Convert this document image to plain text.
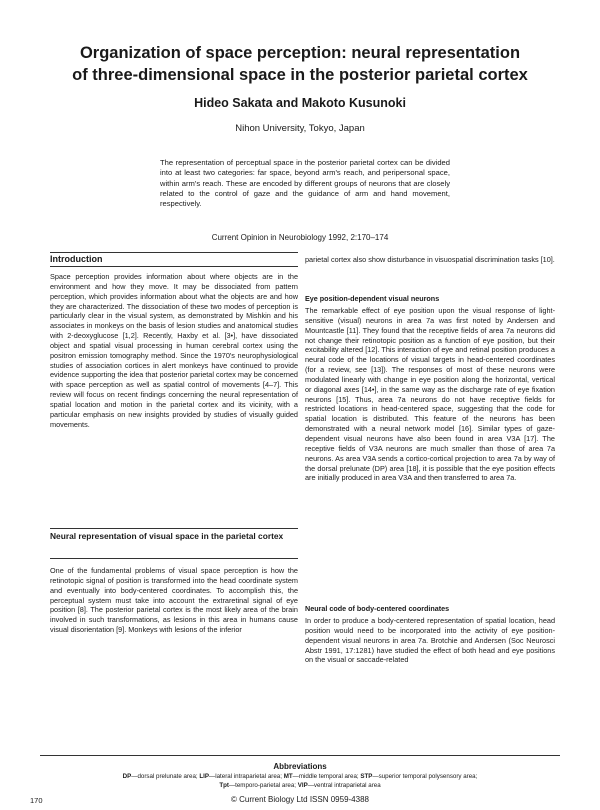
Organization of space perception: neural representation
of three-dimensional space in the posterior parietal cortex
Hideo Sakata and Makoto Kusunoki
Nihon University, Tokyo, Japan
The representation of perceptual space in the posterior parietal cortex can be divided into at least two categories: far space, beyond arm's reach, and peripersonal space, within arm's reach. These are encoded by different groups of neurons that are closely related to the control of gaze and the guidance of arm and hand movement, respectively.
Current Opinion in Neurobiology 1992, 2:170–174
Introduction

Space perception provides information about where objects are in the environment and how they move. It may be dissociated from pattern perception, which provides information about what the objects are and how they are characterized. The dissociation of these two modes of perception is particularly clear in the visual system, as demonstrated by Mishkin and his associates in monkeys on the basis of lesion studies and anatomical studies with 2-deoxyglucose [1,2]. Recently, Haxby et al. [3•], have dissociated object and spatial visual processing in human cerebral cortex using the positron emission tomography method. Since the 1970's neurophysiological studies of association cortices in alert monkeys have continued to provide evidence supporting the idea that posterior parietal cortex may be concerned with space perception as well as spatial control of movements [4–7]. This review will focus on recent findings concerning the neural representation of spatial location and motion in the parietal cortex and its vicinity, with a particular emphasis on new insights provided by studies of visually guided movements.

Neural representation of visual space in the parietal cortex

One of the fundamental problems of visual space perception is how the retinotopic signal of position is transformed into the head coordinate system and eventually into body-centered coordinates. To accomplish this, the perceptual system must take into account the extraretinal signal of eye position [8]. The posterior parietal cortex is the most likely area of the brain involved in such transformations, as lesions in this area in humans cause visual disorientation [9]. Monkeys with lesions of the inferior

parietal cortex also show disturbance in visuospatial discrimination tasks [10].

Eye position-dependent visual neurons

The remarkable effect of eye position upon the visual response of light-sensitive (visual) neurons in area 7a was first noted by Andersen and Mountcastle [11]. They found that the receptive fields of area 7a neurons did not change their retinotopic position as a function of eye position, but their excitability altered [12]. This interaction of eye and retinal position produces a neural code of the locations of visual targets in head-centered coordinates (for a review, see [13]). The responses of most of these neurons were modulated linearly with change in eye position along the horizontal, vertical or diagonal axes [14•], in the same way as the discharge rate of eye fixation neurons [15]. Thus, area 7a neurons do not have receptive fields for restricted locations in head-centered space, suggesting that the code for spatial location is distributed. This feature of the neurons has been demonstrated with a neural network model [16]. Similar types of gaze-dependent visual neurons have also been found in area V3A [17]. The receptive fields of V3A neurons are much smaller than those of area 7a neurons. As area V3A sends a cortico-cortical projection to area 7a by way of the dorsal prelunate (DP) area [18], it is possible that the eye position effects are initially produced in area V3A and then transferred to area 7a.

Neural code of body-centered coordinates

In order to produce a body-centered representation of spatial location, head position would need to be incorporated into the activity of eye position-dependent visual neurons in area 7a. Brotchie and Andersen (Soc Neurosci Abstr 1991, 17:1281) have studied the effect of both head and eye positions on the visual or saccade-related

Abbreviations
DP—dorsal prelunate area; LIP—lateral intraparietal area; MT—middle temporal area; STP—superior temporal polysensory area;
Tpt—temporo-parietal area; VIP—ventral intraparietal area
170	© Current Biology Ltd ISSN 0959-4388
